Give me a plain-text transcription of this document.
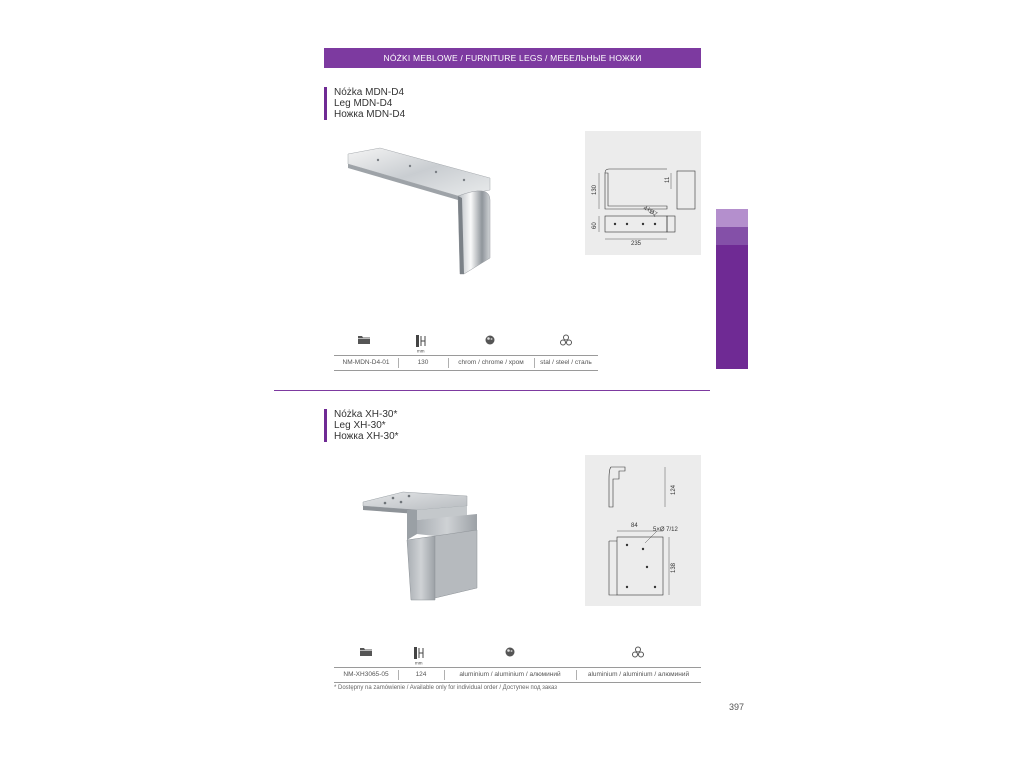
NÓŻKI MEBLOWE / FURNITURE LEGS / МЕБЕЛЬНЫЕ НОЖКИ
Nóżka MDN-D4
Leg MDN-D4
Ножка MDN-D4
130
11
60
235
4×Ø7
mm
NM-MDN-D4-01	130	chrom / chrome / хром	stal / steel / сталь
Nóżka XH-30*
Leg XH-30*
Ножка XH-30*
124
84
5×Ø 7/12
138
mm
NM-XH3065-05	124	aluminium / aluminium / алюминий	aluminium / aluminium / алюминий
* Dostępny na zamówienie / Available only for individual order / Доступен под заказ
397
